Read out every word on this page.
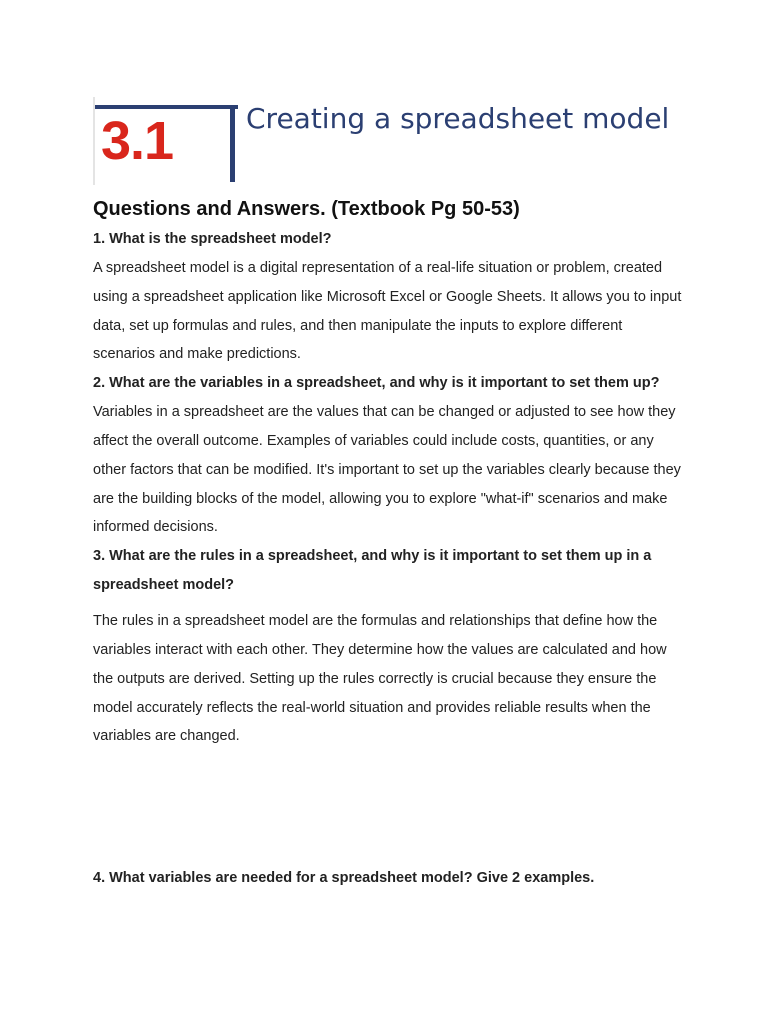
3.1	Creating a spreadsheet model
Questions and Answers. (Textbook Pg 50-53)

1. What is the spreadsheet model?

A spreadsheet model is a digital representation of a real-life situation or problem, created using a spreadsheet application like Microsoft Excel or Google Sheets. It allows you to input data, set up formulas and rules, and then manipulate the inputs to explore different scenarios and make predictions.

2. What are the variables in a spreadsheet, and why is it important to set them up?

Variables in a spreadsheet are the values that can be changed or adjusted to see how they affect the overall outcome. Examples of variables could include costs, quantities, or any other factors that can be modified. It's important to set up the variables clearly because they are the building blocks of the model, allowing you to explore "what-if" scenarios and make informed decisions.

3. What are the rules in a spreadsheet, and why is it important to set them up in a spreadsheet model?

The rules in a spreadsheet model are the formulas and relationships that define how the variables interact with each other. They determine how the values are calculated and how the outputs are derived. Setting up the rules correctly is crucial because they ensure the model accurately reflects the real-world situation and provides reliable results when the variables are changed.

4. What variables are needed for a spreadsheet model? Give 2 examples.
